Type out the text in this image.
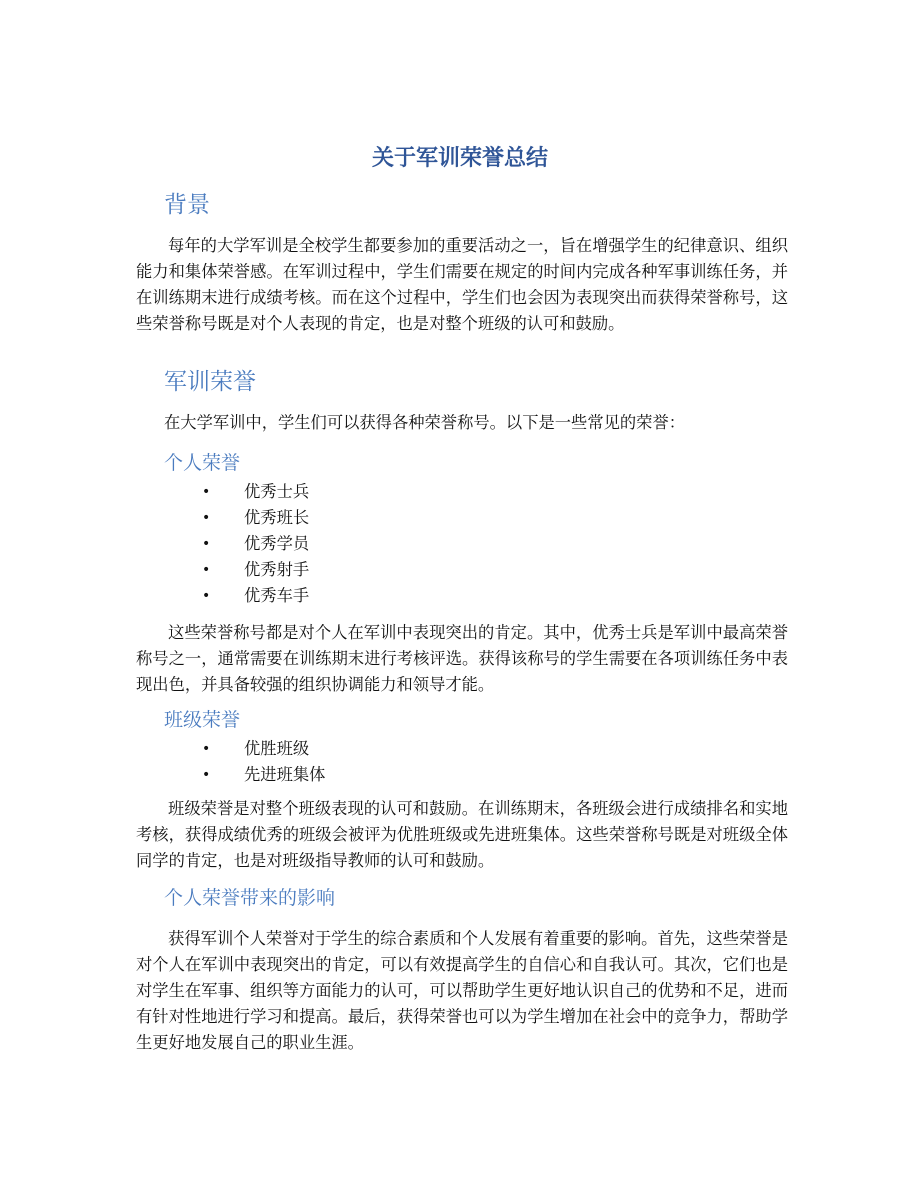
关于军训荣誉总结
背景

每年的大学军训是全校学生都要参加的重要活动之一，旨在增强学生的纪律意识、组织能力和集体荣誉感。在军训过程中，学生们需要在规定的时间内完成各种军事训练任务，并在训练期末进行成绩考核。而在这个过程中，学生们也会因为表现突出而获得荣誉称号，这些荣誉称号既是对个人表现的肯定，也是对整个班级的认可和鼓励。

军训荣誉

在大学军训中，学生们可以获得各种荣誉称号。以下是一些常见的荣誉：

个人荣誉
• 优秀士兵
• 优秀班长
• 优秀学员
• 优秀射手
• 优秀车手

这些荣誉称号都是对个人在军训中表现突出的肯定。其中，优秀士兵是军训中最高荣誉称号之一，通常需要在训练期末进行考核评选。获得该称号的学生需要在各项训练任务中表现出色，并具备较强的组织协调能力和领导才能。

班级荣誉
• 优胜班级
• 先进班集体

班级荣誉是对整个班级表现的认可和鼓励。在训练期末，各班级会进行成绩排名和实地考核，获得成绩优秀的班级会被评为优胜班级或先进班集体。这些荣誉称号既是对班级全体同学的肯定，也是对班级指导教师的认可和鼓励。

个人荣誉带来的影响

获得军训个人荣誉对于学生的综合素质和个人发展有着重要的影响。首先，这些荣誉是对个人在军训中表现突出的肯定，可以有效提高学生的自信心和自我认可。其次，它们也是对学生在军事、组织等方面能力的认可，可以帮助学生更好地认识自己的优势和不足，进而有针对性地进行学习和提高。最后，获得荣誉也可以为学生增加在社会中的竞争力，帮助学生更好地发展自己的职业生涯。
